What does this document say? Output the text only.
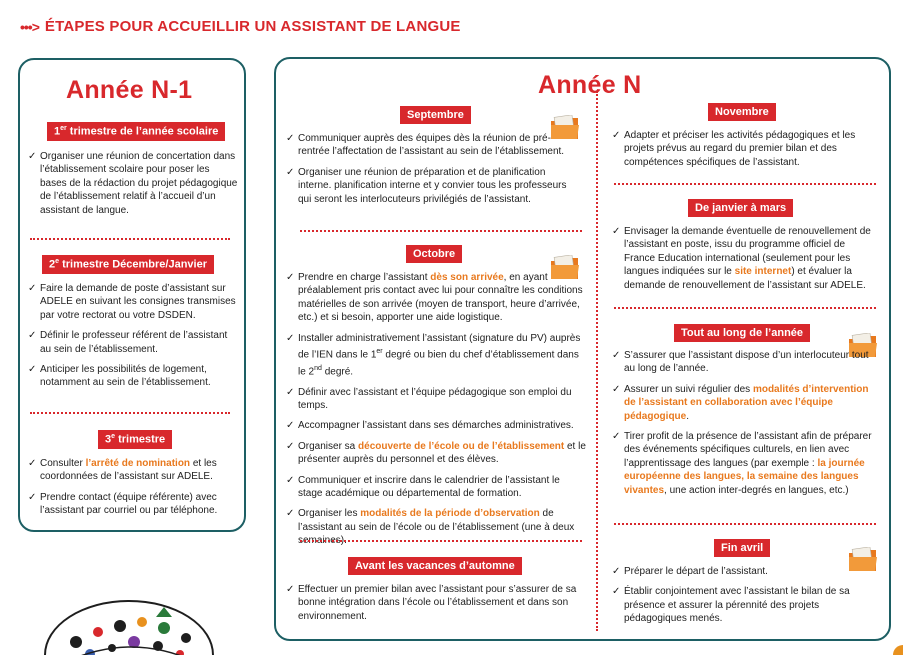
•••> ÉTAPES POUR ACCUEILLIR UN ASSISTANT DE LANGUE
Année N-1
1er trimestre de l’année scolaire
✓ Organiser une réunion de concertation dans l’établissement scolaire pour poser les bases de la rédaction du projet pédagogique de l’établissement relatif à l’accueil d’un assistant de langue.
2e trimestre Décembre/Janvier
✓ Faire la demande de poste d’assistant sur ADELE en suivant les consignes transmises par votre rectorat ou votre DSDEN.
✓ Définir le professeur référent de l’assistant au sein de l’établissement.
✓ Anticiper les possibilités de logement, notamment au sein de l’établissement.
3e trimestre
✓ Consulter l’arrêté de nomination et les coordonnées de l’assistant sur ADELE.
✓ Prendre contact (équipe référente) avec l’assistant par courriel ou par téléphone.
Année N
Septembre
✓ Communiquer auprès des équipes dès la réunion de pré-rentrée l’affectation de l’assistant au sein de l’établissement.
✓ Organiser une réunion de préparation et de planification interne. planification interne et y convier tous les professeurs qui seront les interlocuteurs privilégiés de l’assistant.
Octobre
✓ Prendre en charge l’assistant dès son arrivée, en ayant préalablement pris contact avec lui pour connaître les conditions matérielles de son arrivée (moyen de transport, heure d’arrivée, etc.) et si besoin, apporter une aide logistique.
✓ Installer administrativement l’assistant (signature du PV) auprès de l’IEN dans le 1er degré ou bien du chef d’établissement dans le 2nd degré.
✓ Définir avec l’assistant et l’équipe pédagogique son emploi du temps.
✓ Accompagner l’assistant dans ses démarches administratives.
✓ Organiser sa découverte de l’école ou de l’établissement et le présenter auprès du personnel et des élèves.
✓ Communiquer et inscrire dans le calendrier de l’assistant le stage académique ou départemental de formation.
✓ Organiser les modalités de la période d’observation de l’assistant au sein de l’école ou de l’établissement (une à deux semaines).
Avant les vacances d’automne
✓ Effectuer un premier bilan avec l’assistant pour s’assurer de sa bonne intégration dans l’école ou l’établissement et dans son environnement.
Novembre
✓ Adapter et préciser les activités pédagogiques et les projets prévus au regard du premier bilan et des compétences spécifiques de l’assistant.
De janvier à mars
✓ Envisager la demande éventuelle de renouvellement de l’assistant en poste, issu du programme officiel de France Education international (seulement pour les langues indiquées sur le site internet) et évaluer la demande de renouvellement de l’assistant sur ADELE.
Tout au long de l’année
✓ S’assurer que l’assistant dispose d’un interlocuteur tout au long de l’année.
✓ Assurer un suivi régulier des modalités d’intervention de l’assistant en collaboration avec l’équipe pédagogique.
✓ Tirer profit de la présence de l’assistant afin de préparer des événements spécifiques culturels, en lien avec l’apprentissage des langues (par exemple : la journée européenne des langues, la semaine des langues vivantes, une action inter-degrés en langues, etc.)
Fin avril
✓ Préparer le départ de l’assistant.
✓ Établir conjointement avec l’assistant le bilan de sa présence et assurer la pérennité des projets pédagogiques menés.
